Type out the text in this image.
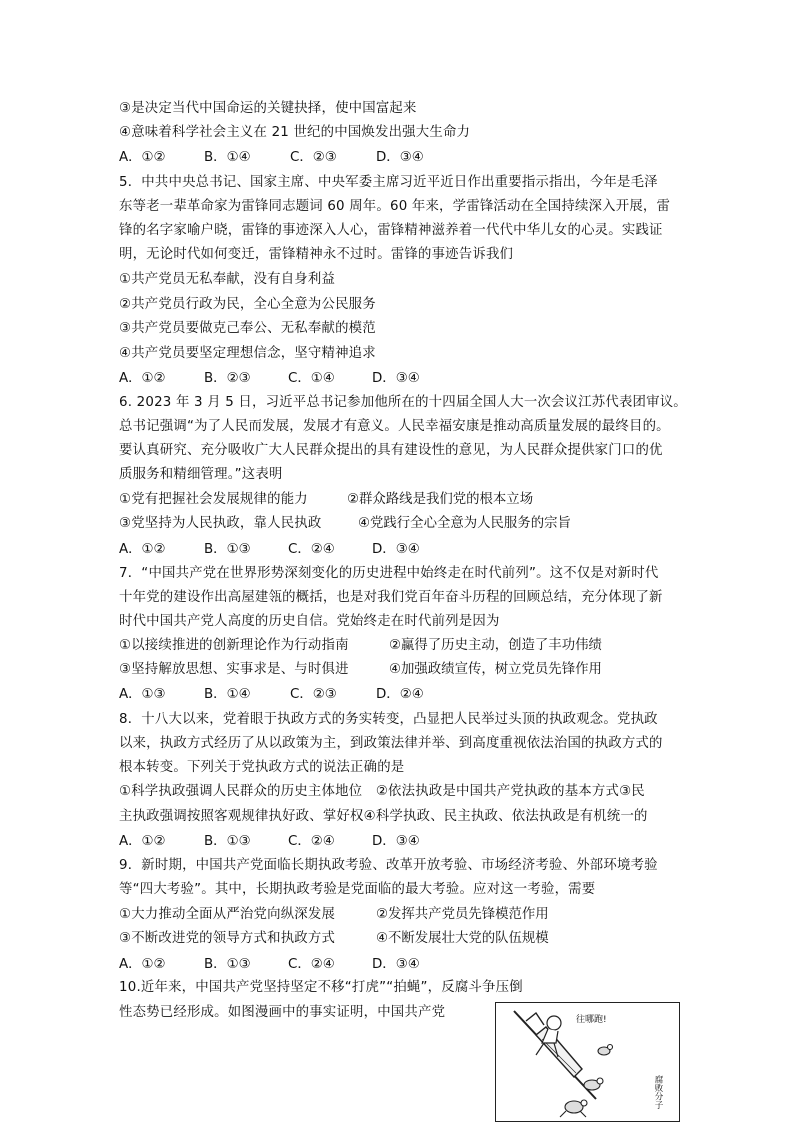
③是决定当代中国命运的关键抉择，使中国富起来
④意味着科学社会主义在 21 世纪的中国焕发出强大生命力
A．①②	B．①④	C．②③	D．③④
5．中共中央总书记、国家主席、中央军委主席习近平近日作出重要指示指出，今年是毛泽
东等老一辈革命家为雷锋同志题词 60 周年。60 年来，学雷锋活动在全国持续深入开展，雷
锋的名字家喻户晓，雷锋的事迹深入人心，雷锋精神滋养着一代代中华儿女的心灵。实践证
明，无论时代如何变迁，雷锋精神永不过时。雷锋的事迹告诉我们
①共产党员无私奉献，没有自身利益
②共产党员行政为民，全心全意为公民服务
③共产党员要做克己奉公、无私奉献的模范
④共产党员要坚定理想信念，坚守精神追求
A．①②	B．②③	C．①④	D．③④
6. 2023 年 3 月 5 日，习近平总书记参加他所在的十四届全国人大一次会议江苏代表团审议。
总书记强调“为了人民而发展，发展才有意义。人民幸福安康是推动高质量发展的最终目的。
要认真研究、充分吸收广大人民群众提出的具有建设性的意见，为人民群众提供家门口的优
质服务和精细管理。”这表明
①党有把握社会发展规律的能力	②群众路线是我们党的根本立场
③党坚持为人民执政，靠人民执政	④党践行全心全意为人民服务的宗旨
A．①②	B．①③	C．②④	D．③④
7．“中国共产党在世界形势深刻变化的历史进程中始终走在时代前列”。这不仅是对新时代
十年党的建设作出高屋建瓴的概括，也是对我们党百年奋斗历程的回顾总结，充分体现了新
时代中国共产党人高度的历史自信。党始终走在时代前列是因为
①以接续推进的创新理论作为行动指南	②赢得了历史主动，创造了丰功伟绩
③坚持解放思想、实事求是、与时俱进	④加强政绩宣传，树立党员先锋作用
A．①③	B．①④	C．②③	D．②④
8．十八大以来，党着眼于执政方式的务实转变，凸显把人民举过头顶的执政观念。党执政
以来，执政方式经历了从以政策为主，到政策法律并举、到高度重视依法治国的执政方式的
根本转变。下列关于党执政方式的说法正确的是
①科学执政强调人民群众的历史主体地位　②依法执政是中国共产党执政的基本方式③民
主执政强调按照客观规律执好政、掌好权④科学执政、民主执政、依法执政是有机统一的
A．①②	B．①③	C．②④	D．③④
9．新时期，中国共产党面临长期执政考验、改革开放考验、市场经济考验、外部环境考验
等“四大考验”。其中，长期执政考验是党面临的最大考验。应对这一考验，需要
①大力推动全面从严治党向纵深发展	②发挥共产党员先锋模范作用
③不断改进党的领导方式和执政方式	④不断发展壮大党的队伍规模
A．①②	B．①③	C．②④	D．③④
10.近年来，中国共产党坚持坚定不移“打虎”“拍蝇”，反腐斗争压倒
性态势已经形成。如图漫画中的事实证明，中国共产党	往哪跑!
腐败分子
